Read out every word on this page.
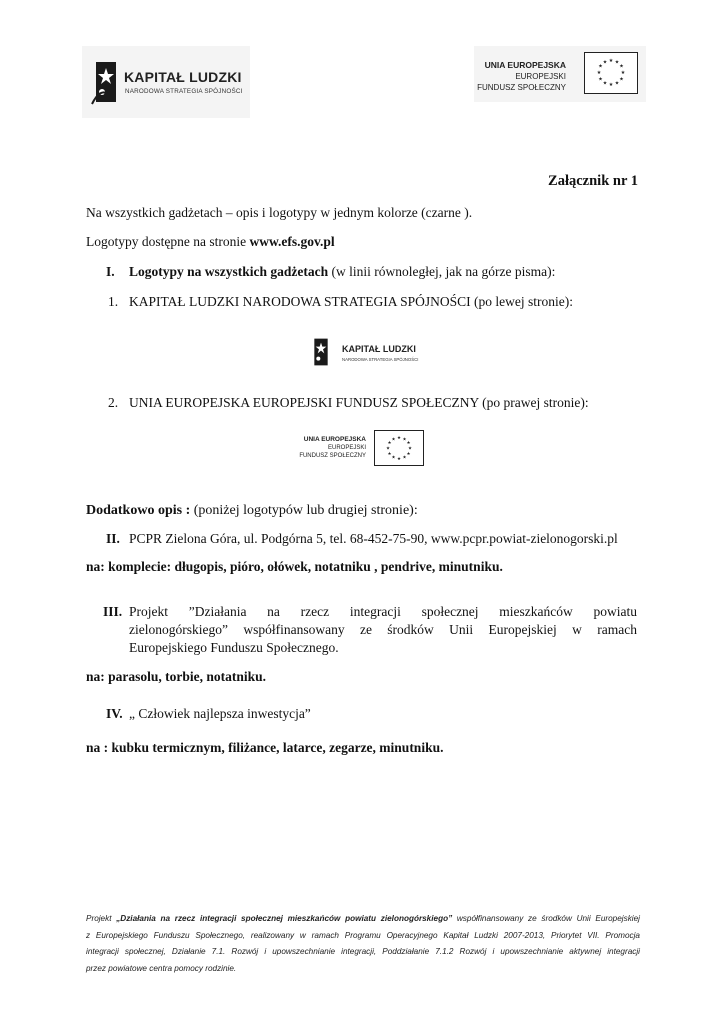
KAPITAŁ LUDZKI
NARODOWA STRATEGIA SPÓJNOŚCI
UNIA EUROPEJSKA
EUROPEJSKI
FUNDUSZ SPOŁECZNY
★ ★
★
★
★
★
★
★
★
★
★
★
Załącznik nr 1
Na wszystkich gadżetach – opis i logotypy w jednym kolorze (czarne ).
Logotypy dostępne na stronie www.efs.gov.pl
I. Logotypy na wszystkich gadżetach (w linii równoległej, jak na górze pisma):
1. KAPITAŁ LUDZKI NARODOWA STRATEGIA SPÓJNOŚCI (po lewej stronie):
KAPITAŁ LUDZKI
NARODOWA STRATEGIA SPÓJNOŚCI
2. UNIA EUROPEJSKA EUROPEJSKI FUNDUSZ SPOŁECZNY (po prawej stronie):
UNIA EUROPEJSKA
EUROPEJSKI
FUNDUSZ SPOŁECZNY
★ ★
★
★
★
★
★
★
★
★
★
★
Dodatkowo opis : (poniżej logotypów lub drugiej stronie):
II. PCPR Zielona Góra, ul. Podgórna 5, tel. 68-452-75-90, www.pcpr.powiat-zielonogorski.pl
na: komplecie: długopis, pióro, ołówek, notatniku , pendrive, minutniku.
III. Projekt ”Działania na rzecz integracji społecznej mieszkańców powiatu
zielonogórskiego” współfinansowany ze środków Unii Europejskiej w ramach
Europejskiego Funduszu Społecznego.
na: parasolu, torbie, notatniku.
IV. „ Człowiek najlepsza inwestycja”
na : kubku termicznym, filiżance, latarce, zegarze, minutniku.

Projekt „Działania na rzecz integracji społecznej mieszkańców powiatu zielonogórskiego” współfinansowany ze środków Unii Europejskiej

z Europejskiego Funduszu Społecznego, realizowany w ramach Programu Operacyjnego Kapitał Ludzki 2007-2013, Priorytet VII. Promocja

integracji społecznej, Działanie 7.1. Rozwój i upowszechnianie integracji, Poddziałanie 7.1.2 Rozwój i upowszechnianie aktywnej integracji

przez powiatowe centra pomocy rodzinie.
